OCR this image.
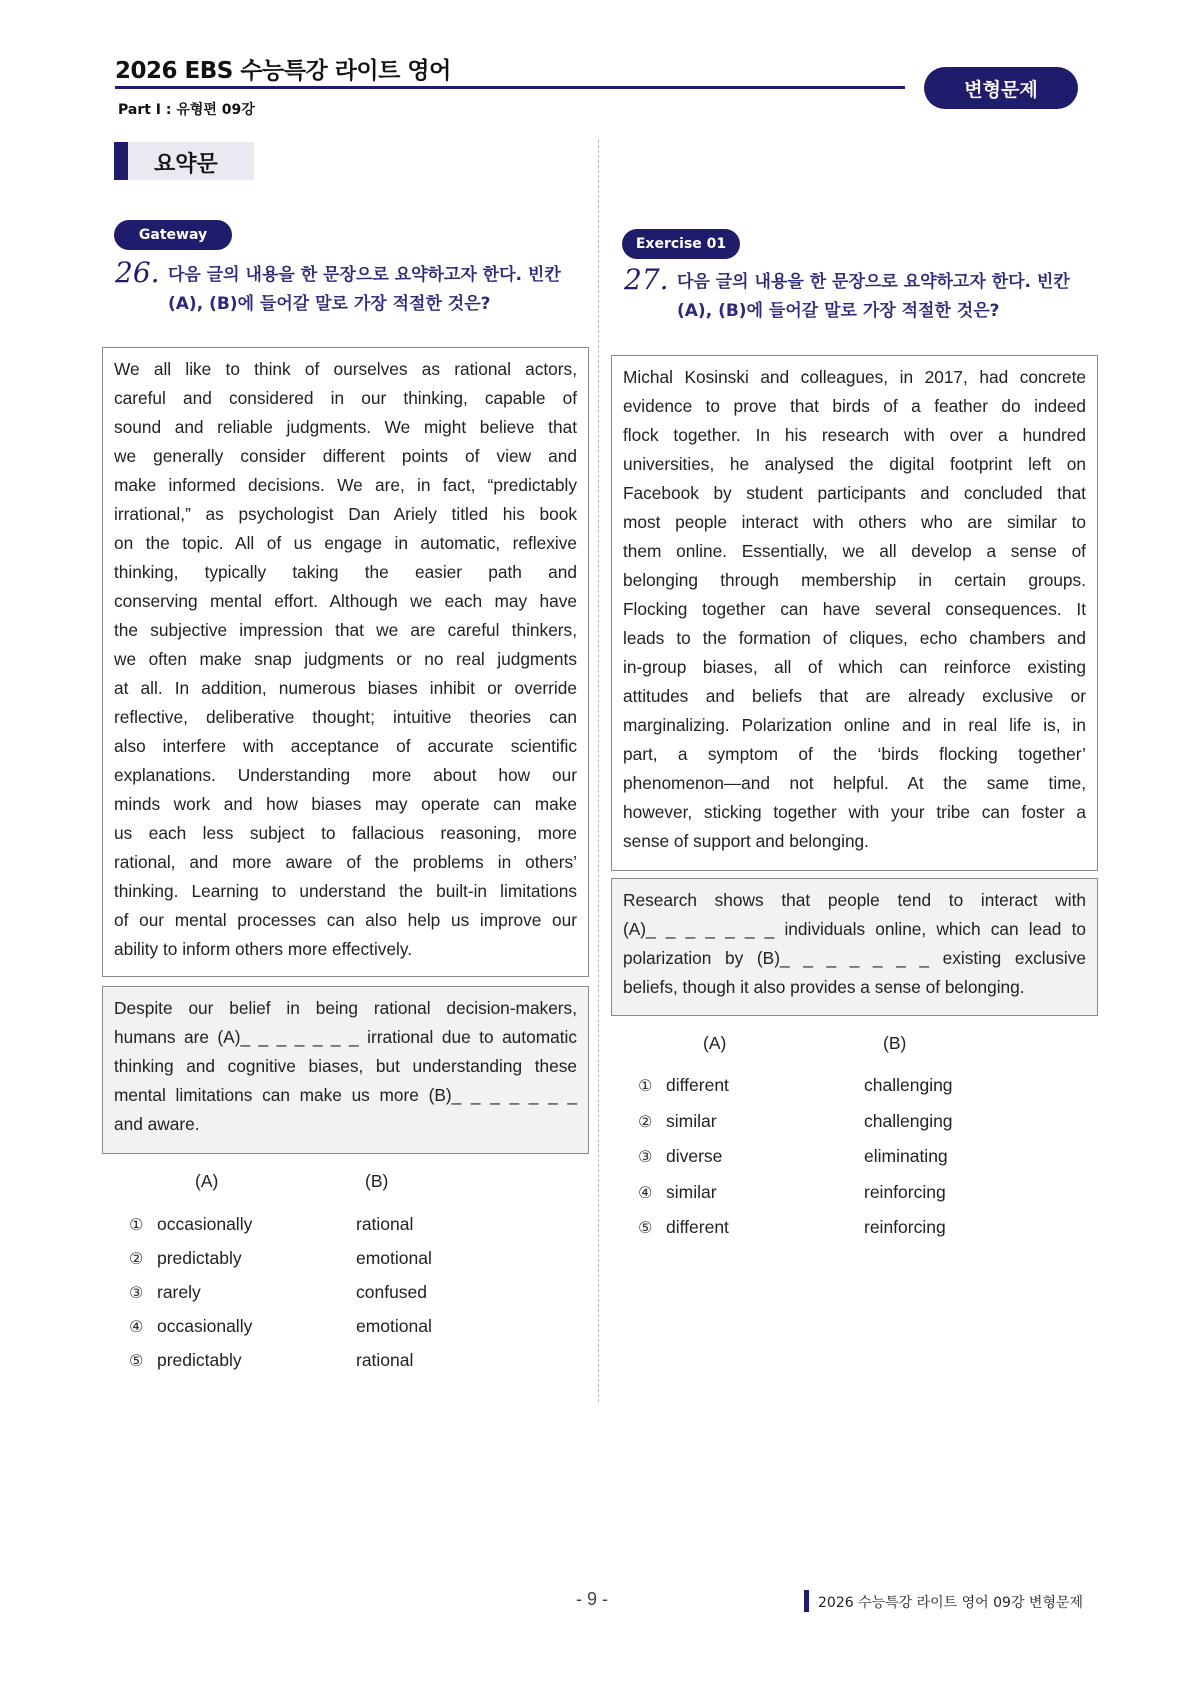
2026 EBS 수능특강 라이트 영어
Part Ⅰ : 유형편 09강
변형문제
요약문
Gateway
26. 다음 글의 내용을 한 문장으로 요약하고자 한다. 빈칸
(A), (B)에 들어갈 말로 가장 적절한 것은?
We all like to think of ourselves as rational actors,
careful and considered in our thinking, capable of
sound and reliable judgments. We might believe that
we generally consider different points of view and
make informed decisions. We are, in fact, “predictably
irrational,” as psychologist Dan Ariely titled his book
on the topic. All of us engage in automatic, reflexive
thinking, typically taking the easier path and
conserving mental effort. Although we each may have
the subjective impression that we are careful thinkers,
we often make snap judgments or no real judgments
at all. In addition, numerous biases inhibit or override
reflective, deliberative thought; intuitive theories can
also interfere with acceptance of accurate scientific
explanations. Understanding more about how our
minds work and how biases may operate can make
us each less subject to fallacious reasoning, more
rational, and more aware of the problems in others’
thinking. Learning to understand the built-in limitations
of our mental processes can also help us improve our
ability to inform others more effectively.
Despite our belief in being rational decision-makers,
humans are (A)_ _ _ _ _ _ _ irrational due to automatic
thinking and cognitive biases, but understanding these
mental limitations can make us more (B)_ _ _ _ _ _ _
and aware.
(A)	(B)
① occasionally	rational
② predictably	emotional
③ rarely	confused
④ occasionally	emotional
⑤ predictably	rational
Exercise 01
27. 다음 글의 내용을 한 문장으로 요약하고자 한다. 빈칸
(A), (B)에 들어갈 말로 가장 적절한 것은?
Michal Kosinski and colleagues, in 2017, had concrete
evidence to prove that birds of a feather do indeed
flock together. In his research with over a hundred
universities, he analysed the digital footprint left on
Facebook by student participants and concluded that
most people interact with others who are similar to
them online. Essentially, we all develop a sense of
belonging through membership in certain groups.
Flocking together can have several consequences. It
leads to the formation of cliques, echo chambers and
in-group biases, all of which can reinforce existing
attitudes and beliefs that are already exclusive or
marginalizing. Polarization online and in real life is, in
part, a symptom of the ‘birds flocking together’
phenomenon—and not helpful. At the same time,
however, sticking together with your tribe can foster a
sense of support and belonging.
Research shows that people tend to interact with
(A)_ _ _ _ _ _ _ individuals online, which can lead to
polarization by (B)_ _ _ _ _ _ _ existing exclusive
beliefs, though it also provides a sense of belonging.
(A)	(B)
① different	challenging
② similar	challenging
③ diverse	eliminating
④ similar	reinforcing
⑤ different	reinforcing
- 9 -	2026 수능특강 라이트 영어 09강 변형문제
